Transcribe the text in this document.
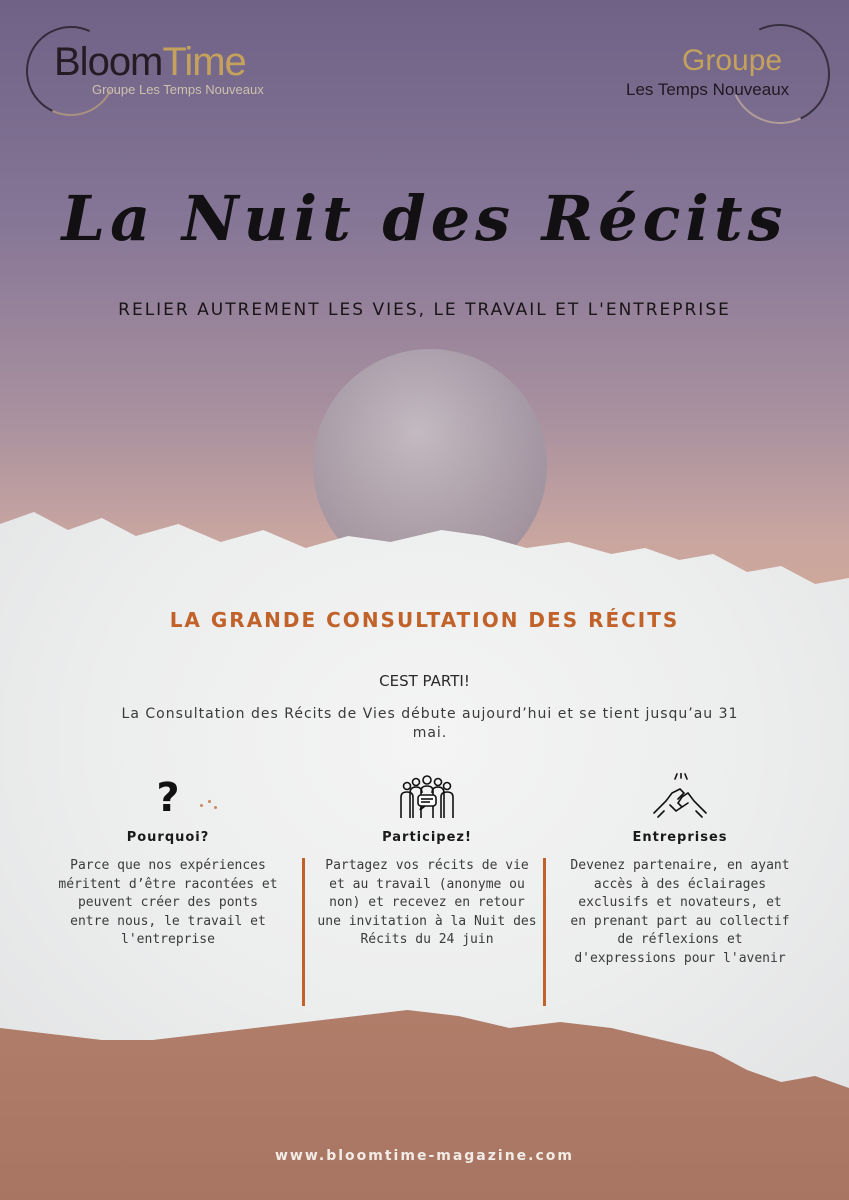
BloomTime
Groupe Les Temps Nouveaux
Groupe
Les Temps Nouveaux
La Nuit des Récits
RELIER AUTREMENT LES VIES, LE TRAVAIL ET L'ENTREPRISE
LA GRANDE CONSULTATION DES RÉCITS
CEST PARTI!
La Consultation des Récits de Vies débute aujourd’hui et se tient jusqu’au 31 mai.
?
Pourquoi?
Parce que nos expériences méritent d’être racontées et peuvent créer des ponts entre nous, le travail et l'entreprise
Participez!
Partagez vos récits de vie et au travail (anonyme ou non) et recevez en retour une invitation à la Nuit des Récits du 24 juin
Entreprises
Devenez partenaire, en ayant accès à des éclairages exclusifs et novateurs, et en prenant part au collectif de réflexions et d'expressions pour l'avenir
www.bloomtime-magazine.com
